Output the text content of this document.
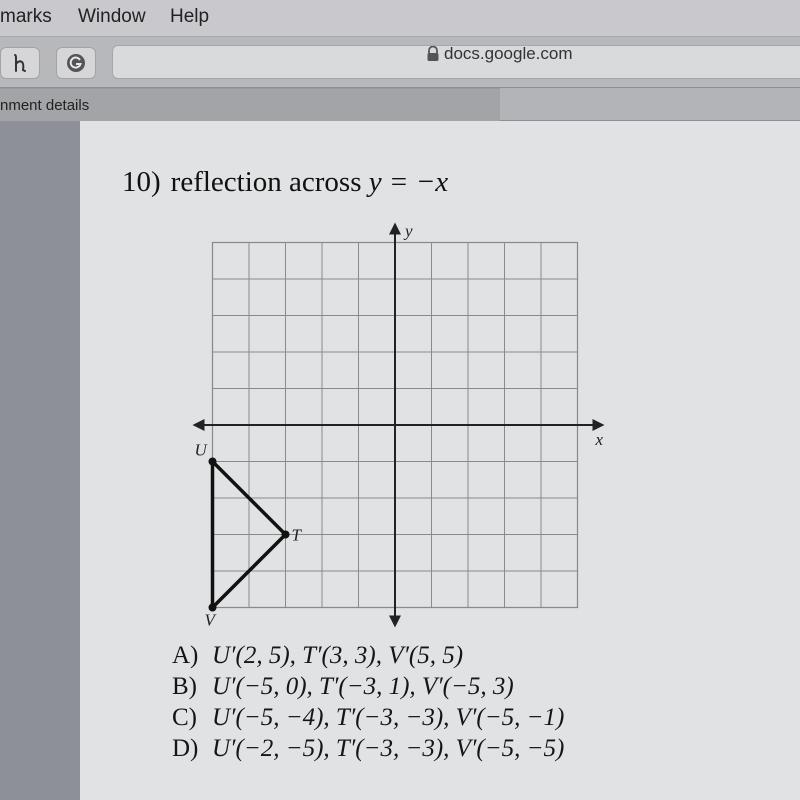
marks Window Help
docs.google.com
nment details
10) reflection across y = −x
U
T
V
x
y
A) U′(2, 5), T′(3, 3), V′(5, 5)
B) U′(−5, 0), T′(−3, 1), V′(−5, 3)
C) U′(−5, −4), T′(−3, −3), V′(−5, −1)
D) U′(−2, −5), T′(−3, −3), V′(−5, −5)
